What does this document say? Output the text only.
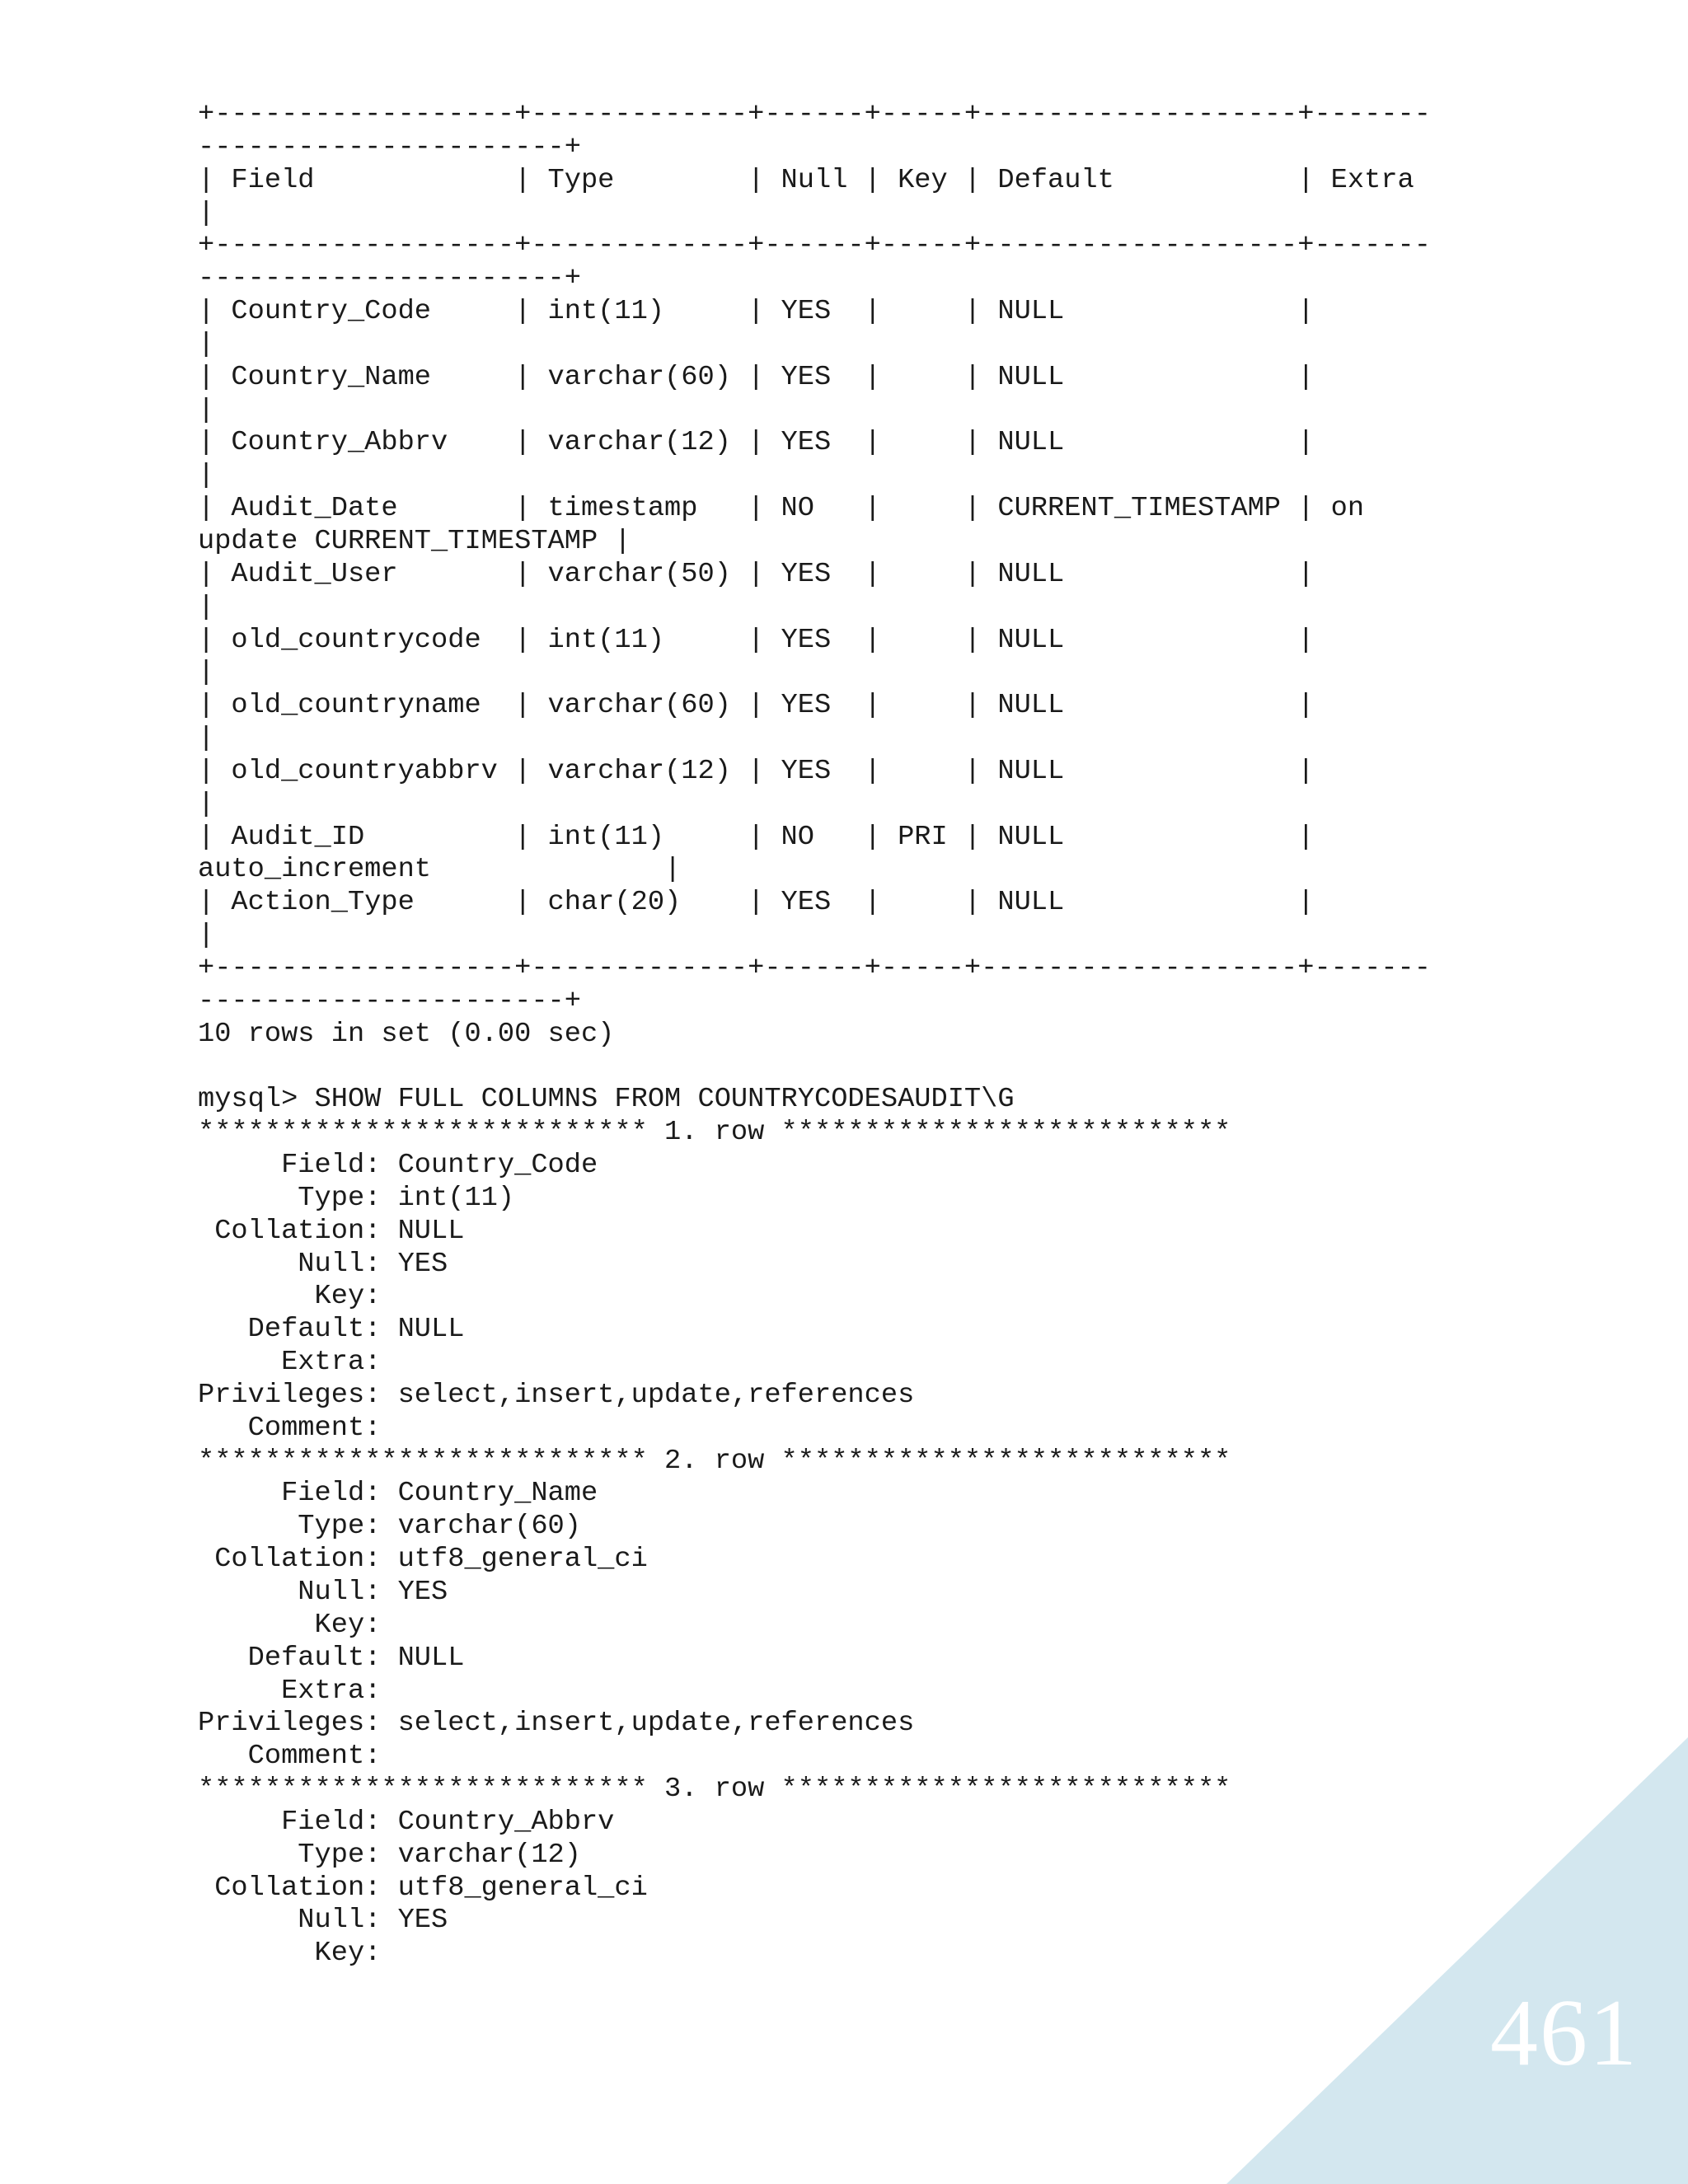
+------------------+-------------+------+-----+-------------------+-------
----------------------+
| Field            | Type        | Null | Key | Default           | Extra
|
+------------------+-------------+------+-----+-------------------+-------
----------------------+
| Country_Code     | int(11)     | YES  |     | NULL              |
|
| Country_Name     | varchar(60) | YES  |     | NULL              |
|
| Country_Abbrv    | varchar(12) | YES  |     | NULL              |
|
| Audit_Date       | timestamp   | NO   |     | CURRENT_TIMESTAMP | on
update CURRENT_TIMESTAMP |
| Audit_User       | varchar(50) | YES  |     | NULL              |
|
| old_countrycode  | int(11)     | YES  |     | NULL              |
|
| old_countryname  | varchar(60) | YES  |     | NULL              |
|
| old_countryabbrv | varchar(12) | YES  |     | NULL              |
|
| Audit_ID         | int(11)     | NO   | PRI | NULL              |
auto_increment              |
| Action_Type      | char(20)    | YES  |     | NULL              |
|
+------------------+-------------+------+-----+-------------------+-------
----------------------+
10 rows in set (0.00 sec)
mysql> SHOW FULL COLUMNS FROM COUNTRYCODESAUDIT\G
*************************** 1. row ***************************
Field: Country_Code
Type: int(11)
Collation: NULL
Null: YES
Key:
Default: NULL
Extra:
Privileges: select,insert,update,references
Comment:
*************************** 2. row ***************************
Field: Country_Name
Type: varchar(60)
Collation: utf8_general_ci
Null: YES
Key:
Default: NULL
Extra:
Privileges: select,insert,update,references
Comment:
*************************** 3. row ***************************
Field: Country_Abbrv
Type: varchar(12)
Collation: utf8_general_ci
Null: YES
Key:
461
